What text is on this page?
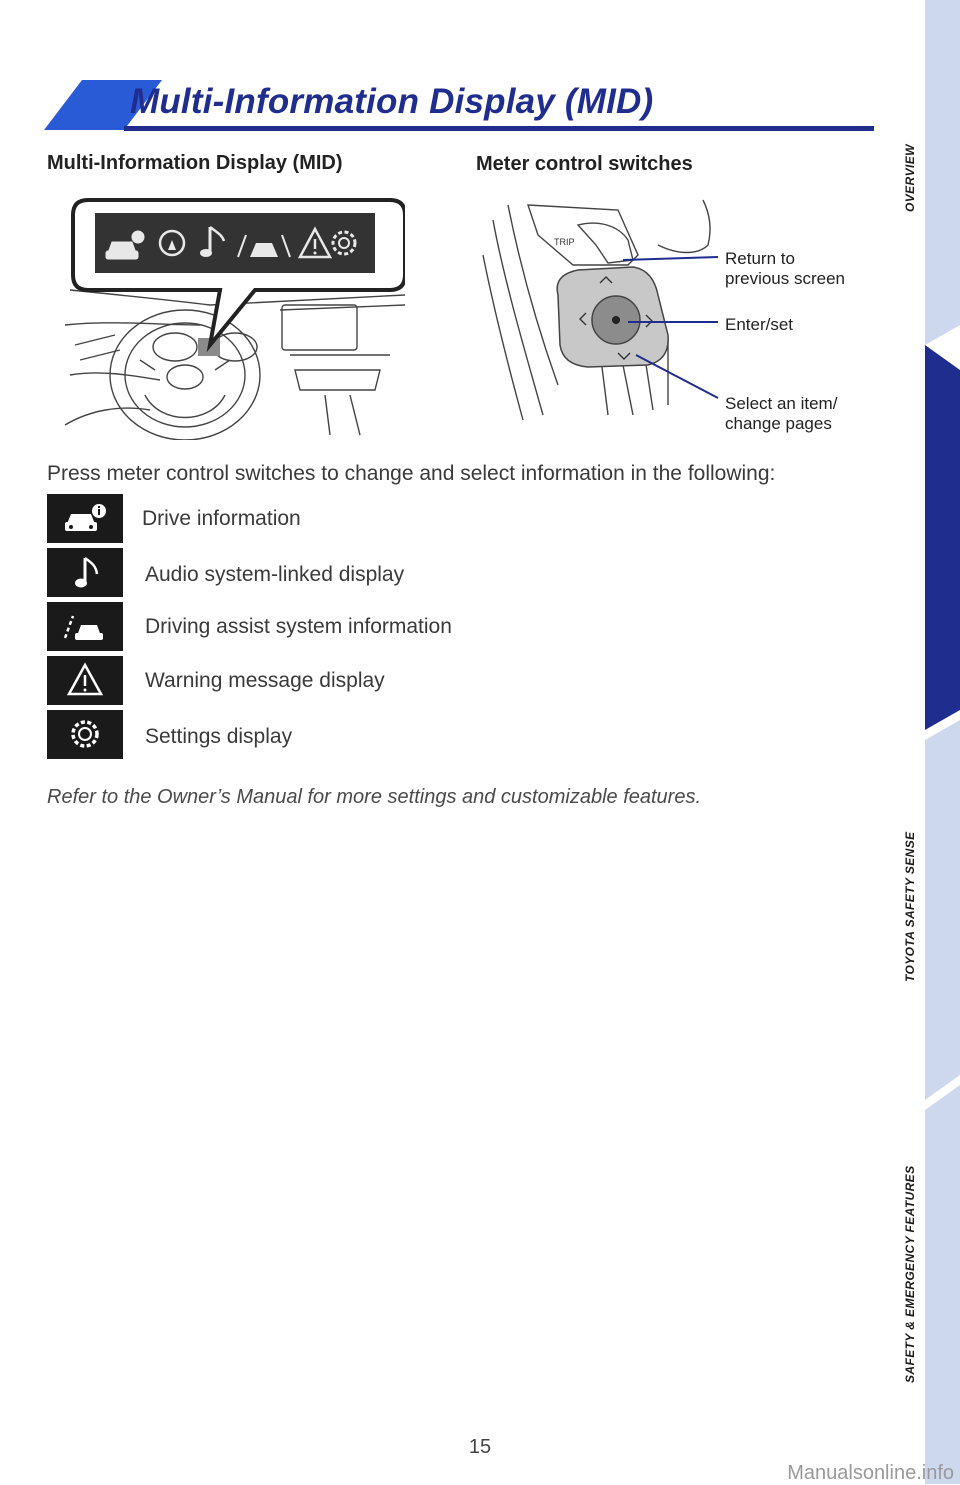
Multi-Information Display (MID)
OVERVIEW
FEATURES & OPERATIONS
TOYOTA SAFETY SENSE
SAFETY & EMERGENCY FEATURES
Multi-Information Display (MID)	Meter control switches
TRIP
Return to
previous screen
Enter/set
Select an item/
change pages
Press meter control switches to change and select information in the following:
Drive information
Audio system-linked display
Driving assist system information
Warning message display
Settings display
Refer to the Owner’s Manual for more settings and customizable features.
15
Manualsonline.info
